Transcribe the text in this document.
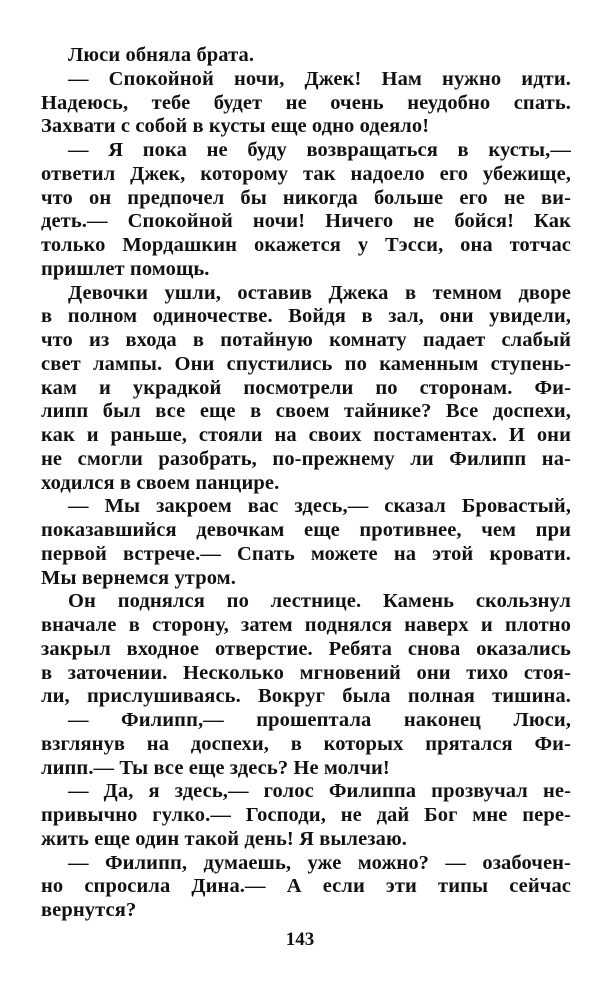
Люси обняла брата.
— Спокойной ночи, Джек! Нам нужно идти.
Надеюсь, тебе будет не очень неудобно спать.
Захвати с собой в кусты еще одно одеяло!
— Я пока не буду возвращаться в кусты,—
ответил Джек, которому так надоело его убежище,
что он предпочел бы никогда больше его не ви-
деть.— Спокойной ночи! Ничего не бойся! Как
только Мордашкин окажется у Тэсси, она тотчас
пришлет помощь.
Девочки ушли, оставив Джека в темном дворе
в полном одиночестве. Войдя в зал, они увидели,
что из входа в потайную комнату падает слабый
свет лампы. Они спустились по каменным ступень-
кам и украдкой посмотрели по сторонам. Фи-
липп был все еще в своем тайнике? Все доспехи,
как и раньше, стояли на своих постаментах. И они
не смогли разобрать, по-прежнему ли Филипп на-
ходился в своем панцире.
— Мы закроем вас здесь,— сказал Бровастый,
показавшийся девочкам еще противнее, чем при
первой встрече.— Спать можете на этой кровати.
Мы вернемся утром.
Он поднялся по лестнице. Камень скользнул
вначале в сторону, затем поднялся наверх и плотно
закрыл входное отверстие. Ребята снова оказались
в заточении. Несколько мгновений они тихо стоя-
ли, прислушиваясь. Вокруг была полная тишина.
— Филипп,— прошептала наконец Люси,
взглянув на доспехи, в которых прятался Фи-
липп.— Ты все еще здесь? Не молчи!
— Да, я здесь,— голос Филиппа прозвучал не-
привычно гулко.— Господи, не дай Бог мне пере-
жить еще один такой день! Я вылезаю.
— Филипп, думаешь, уже можно? — озабочен-
но спросила Дина.— А если эти типы сейчас
вернутся?
143
